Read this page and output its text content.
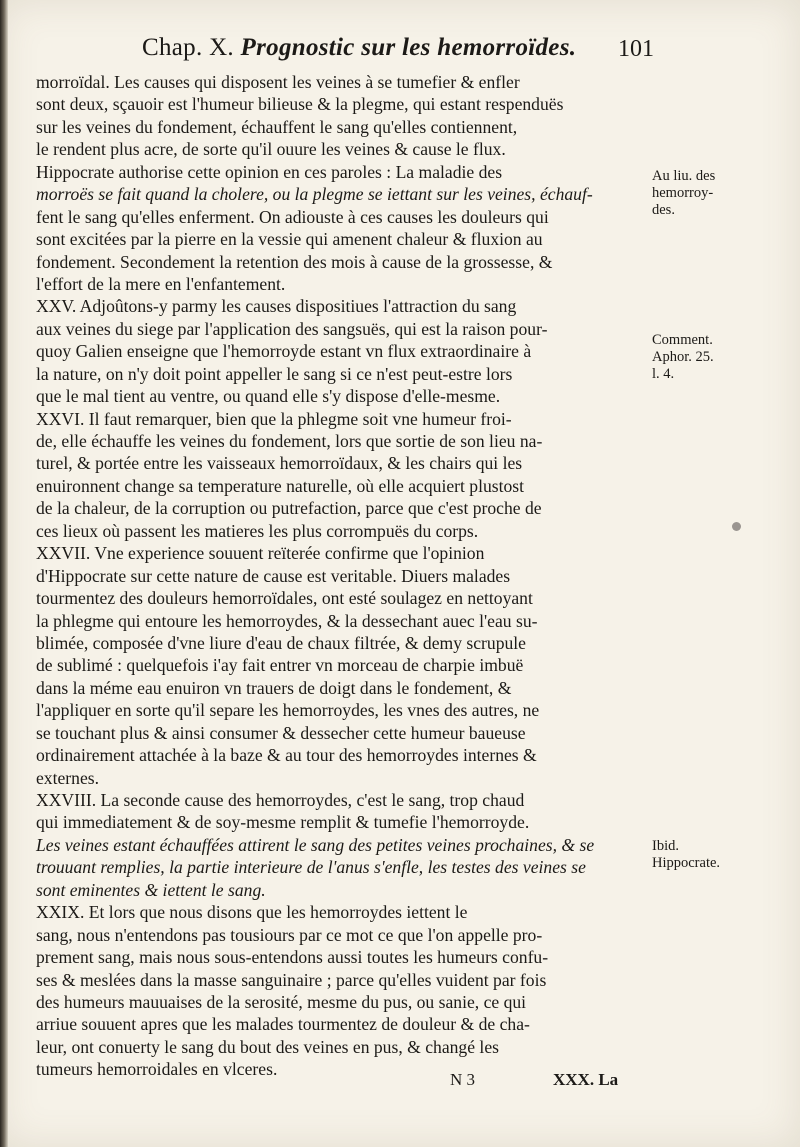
Chap. X. Prognostic sur les hemorroïdes. 101
morroïdal. Les causes qui disposent les veines à se tumefier & enfler
sont deux, sçauoir est l'humeur bilieuse & la plegme, qui estant respenduës
sur les veines du fondement, échauffent le sang qu'elles contiennent,
le rendent plus acre, de sorte qu'il ouure les veines & cause le flux.
Hippocrate authorise cette opinion en ces paroles : La maladie des
morroës se fait quand la cholere, ou la plegme se iettant sur les veines, échauf-
fent le sang qu'elles enferment. On adiouste à ces causes les douleurs qui
sont excitées par la pierre en la vessie qui amenent chaleur & fluxion au
fondement. Secondement la retention des mois à cause de la grossesse, &
l'effort de la mere en l'enfantement.
XXV. Adjoûtons-y parmy les causes dispositiues l'attraction du sang
aux veines du siege par l'application des sangsuës, qui est la raison pour-
quoy Galien enseigne que l'hemorroyde estant vn flux extraordinaire à
la nature, on n'y doit point appeller le sang si ce n'est peut-estre lors
que le mal tient au ventre, ou quand elle s'y dispose d'elle-mesme.
XXVI. Il faut remarquer, bien que la phlegme soit vne humeur froi-
de, elle échauffe les veines du fondement, lors que sortie de son lieu na-
turel, & portée entre les vaisseaux hemorroïdaux, & les chairs qui les
enuironnent change sa temperature naturelle, où elle acquiert plustost
de la chaleur, de la corruption ou putrefaction, parce que c'est proche de
ces lieux où passent les matieres les plus corrompuës du corps.
XXVII. Vne experience souuent reïterée confirme que l'opinion
d'Hippocrate sur cette nature de cause est veritable. Diuers malades
tourmentez des douleurs hemorroïdales, ont esté soulagez en nettoyant
la phlegme qui entoure les hemorroydes, & la dessechant auec l'eau su-
blimée, composée d'vne liure d'eau de chaux filtrée, & demy scrupule
de sublimé : quelquefois i'ay fait entrer vn morceau de charpie imbuë
dans la méme eau enuiron vn trauers de doigt dans le fondement, &
l'appliquer en sorte qu'il separe les hemorroydes, les vnes des autres, ne
se touchant plus & ainsi consumer & dessecher cette humeur baueuse
ordinairement attachée à la baze & au tour des hemorroydes internes &
externes.
XXVIII. La seconde cause des hemorroydes, c'est le sang, trop chaud
qui immediatement & de soy-mesme remplit & tumefie l'hemorroyde.
Les veines estant échauffées attirent le sang des petites veines prochaines, & se
trouuant remplies, la partie interieure de l'anus s'enfle, les testes des veines se
sont eminentes & iettent le sang.
XXIX. Et lors que nous disons que les hemorroydes iettent le
sang, nous n'entendons pas tousiours par ce mot ce que l'on appelle pro-
prement sang, mais nous sous-entendons aussi toutes les humeurs confu-
ses & meslées dans la masse sanguinaire ; parce qu'elles vuident par fois
des humeurs mauuaises de la serosité, mesme du pus, ou sanie, ce qui
arriue souuent apres que les malades tourmentez de douleur & de cha-
leur, ont conuerty le sang du bout des veines en pus, & changé les
tumeurs hemorroidales en vlceres.
Au liu. des
hemorroy-
des.
Comment.
Aphor. 25.
l. 4.
Ibid.
Hippocrate.
N 3	XXX. La
